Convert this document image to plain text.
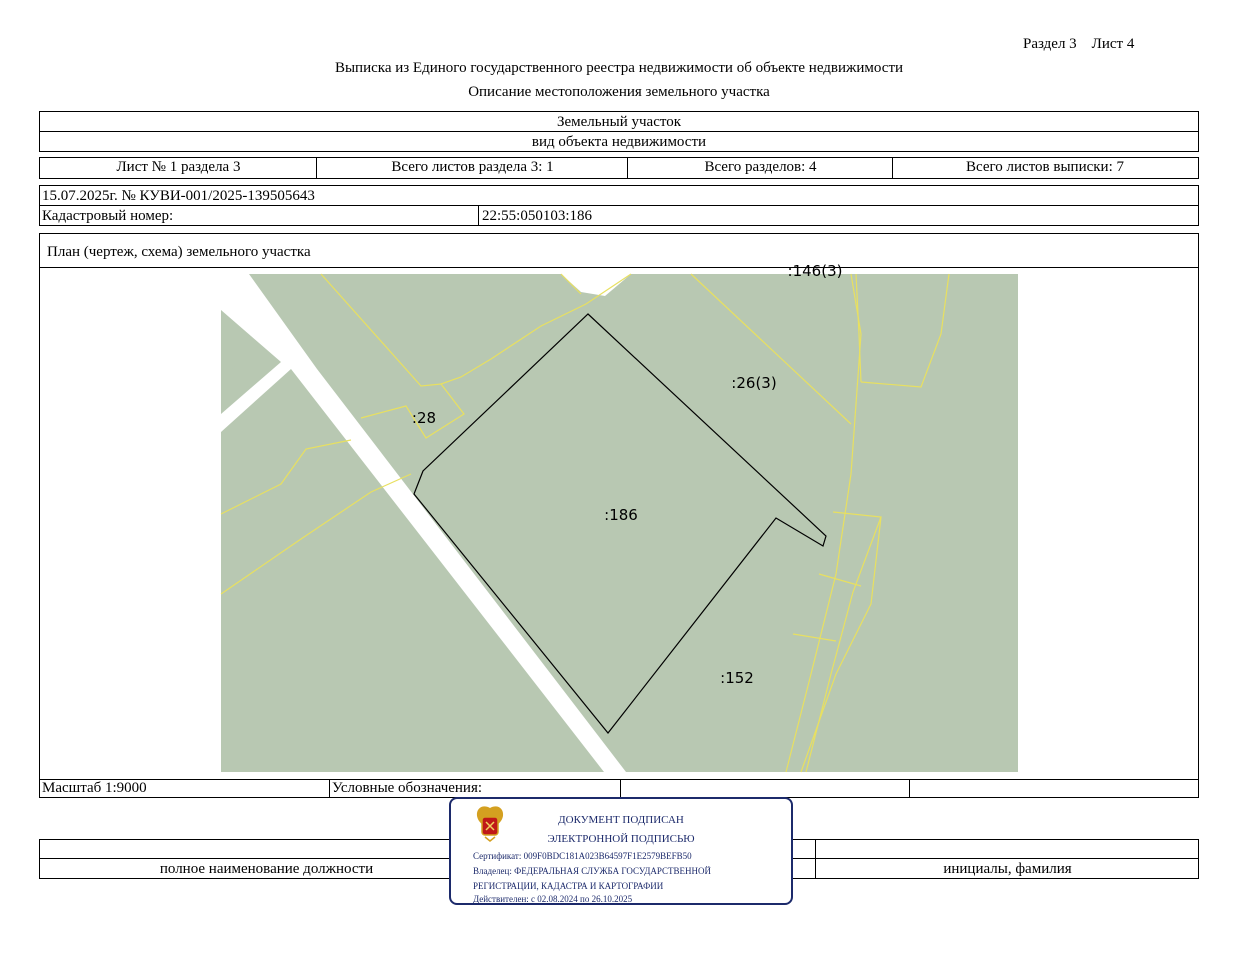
Раздел 3    Лист 4
Выписка из Единого государственного реестра недвижимости об объекте недвижимости
Описание местоположения земельного участка
Земельный участок
вид объекта недвижимости
Лист № 1 раздела 3	Всего листов раздела 3: 1	Всего разделов: 4	Всего листов выписки: 7
15.07.2025г. № КУВИ-001/2025-139505643
Кадастровый номер:	22:55:050103:186
План (чертеж, схема) земельного участка
:186
:28
:26(3)
:152
:146(3)
Масштаб 1:9000	Условные обозначения:
полное наименование должности	инициалы, фамилия
ДОКУМЕНТ ПОДПИСАН
ЭЛЕКТРОННОЙ ПОДПИСЬЮ
Сертификат: 009F0BDC181A023B64597F1E2579BEFB50
Владелец: ФЕДЕРАЛЬНАЯ СЛУЖБА ГОСУДАРСТВЕННОЙ
РЕГИСТРАЦИИ, КАДАСТРА И КАРТОГРАФИИ
Действителен: с 02.08.2024 по 26.10.2025
